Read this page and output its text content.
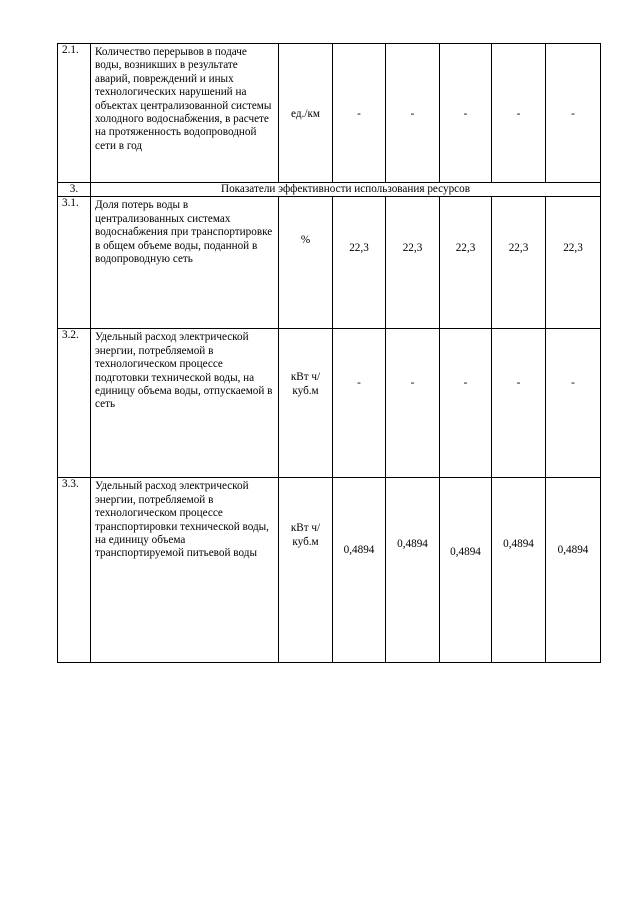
2.1.	Количество перерывов в подаче воды, возникших в результате аварий, повреждений и иных технологических нарушений на объектах централизованной системы холодного водоснабжения, в расчете на протяженность водопроводной сети в год	ед./км	-	-	-	-	-
3.	Показатели эффективности использования ресурсов						
3.1.	Доля потерь воды в централизованных системах водоснабжения при транспортировке в общем объеме воды, поданной в водопроводную сеть	%	22,3	22,3	22,3	22,3	22,3
3.2.	Удельный расход электрической энергии, потребляемой в технологическом процессе подготовки технической воды, на единицу объема воды, отпускаемой в сеть	кВт ч/куб.м	-	-	-	-	-
3.3.	Удельный расход электрической энергии, потребляемой в технологическом процессе транспортировки технической воды, на единицу объема транспортируемой питьевой воды	кВт ч/куб.м	0,4894	0,4894	0,4894	0,4894	0,4894
